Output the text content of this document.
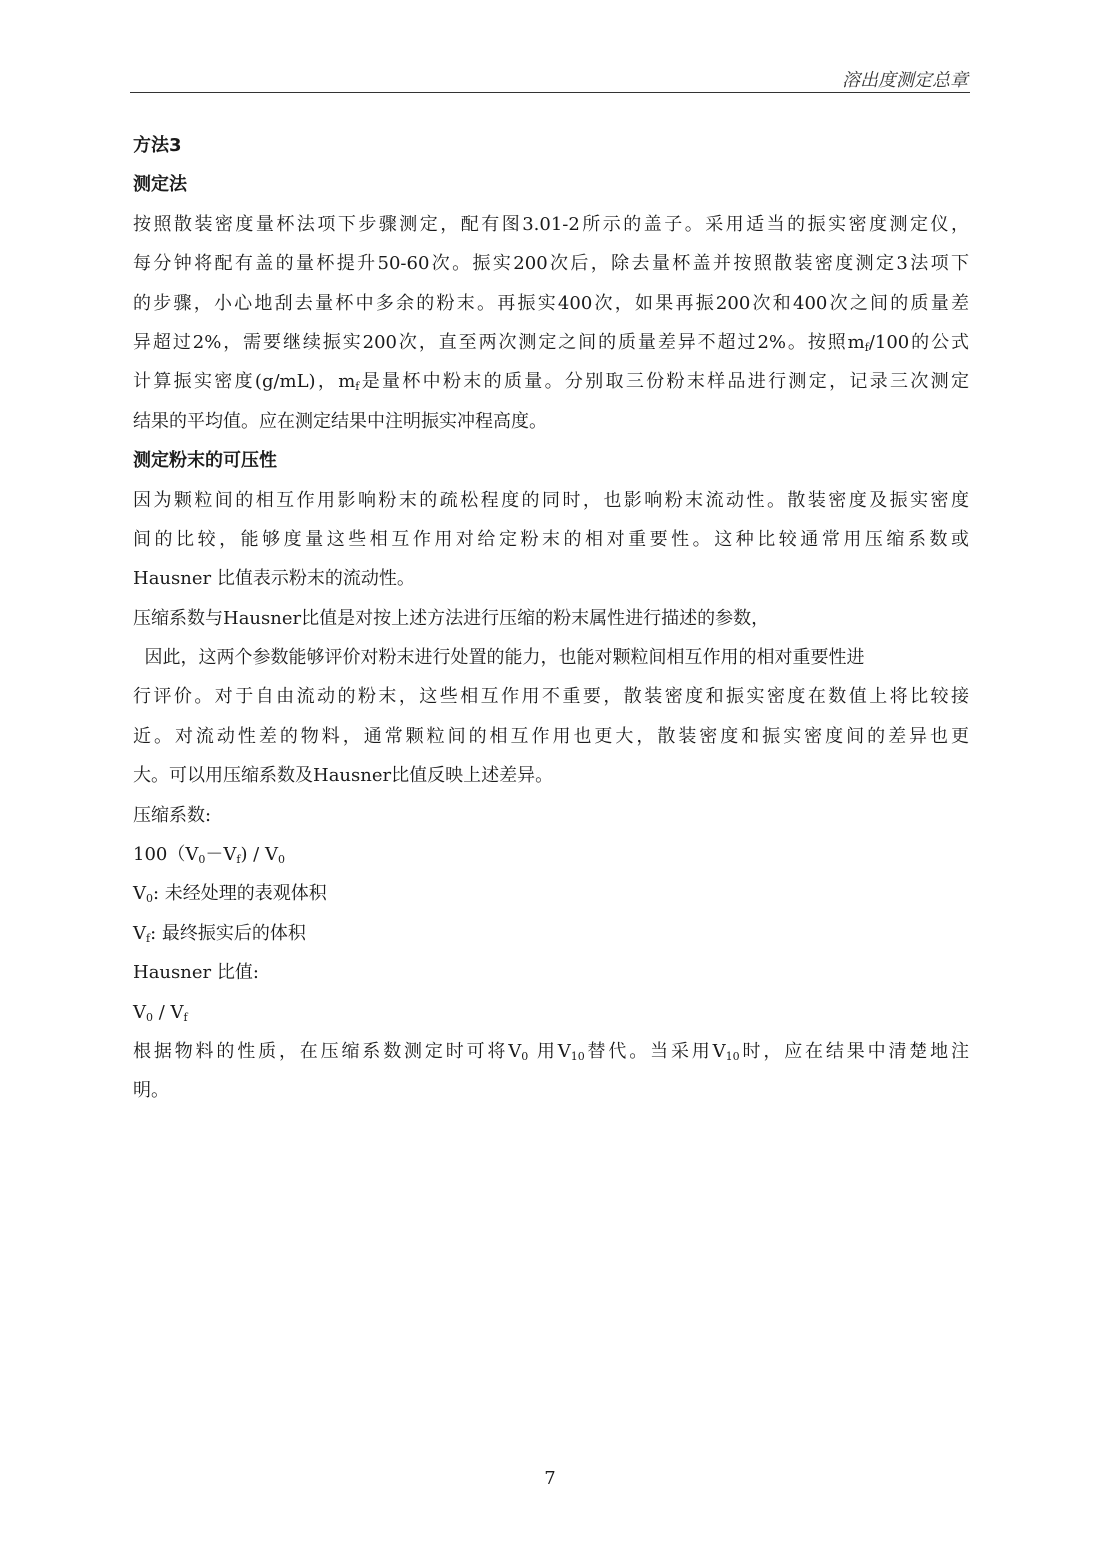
溶出度测定总章
方法3
测定法
按照散装密度量杯法项下步骤测定，配有图3.01-2所示的盖子。采用适当的振实密度测定仪，
每分钟将配有盖的量杯提升50-60次。振实200次后，除去量杯盖并按照散装密度测定3法项下
的步骤，小心地刮去量杯中多余的粉末。再振实400次，如果再振200次和400次之间的质量差
异超过2%，需要继续振实200次，直至两次测定之间的质量差异不超过2%。按照$m_f/100$的公式
计算振实密度(g/mL)，$m_f$是量杯中粉末的质量。分别取三份粉末样品进行测定，记录三次测定
结果的平均值。应在测定结果中注明振实冲程高度。
测定粉末的可压性
因为颗粒间的相互作用影响粉末的疏松程度的同时，也影响粉末流动性。散装密度及振实密度
间的比较，能够度量这些相互作用对给定粉末的相对重要性。这种比较通常用压缩系数或
Hausner 比值表示粉末的流动性。
压缩系数与Hausner比值是对按上述方法进行压缩的粉末属性进行描述的参数，
因此，这两个参数能够评价对粉末进行处置的能力，也能对颗粒间相互作用的相对重要性进
行评价。对于自由流动的粉末，这些相互作用不重要，散装密度和振实密度在数值上将比较接
近。对流动性差的物料，通常颗粒间的相互作用也更大，散装密度和振实密度间的差异也更
大。可以用压缩系数及Hausner比值反映上述差异。
压缩系数:
$100(V_0-V_f) / V_0$
$V_0$: 未经处理的表观体积
$V_f$: 最终振实后的体积
Hausner 比值:
$V_0 / V_f$
根据物料的性质，在压缩系数测定时可将$V_0$ 用$V_{10}$替代。当采用$V_{10}$时，应在结果中清楚地注
明。
7
